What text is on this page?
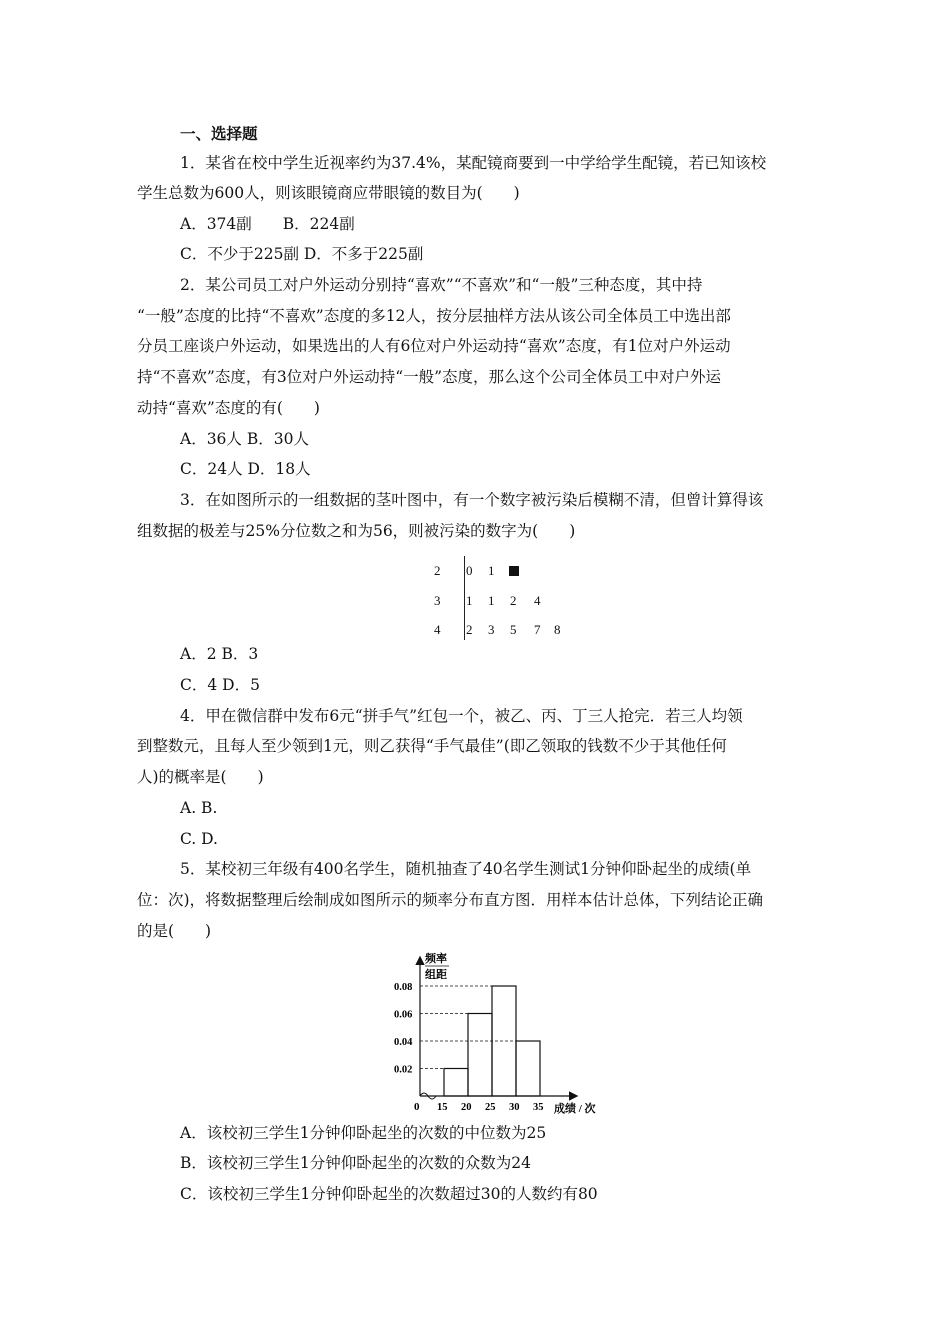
一、选择题
1．某省在校中学生近视率约为37.4%，某配镜商要到一中学给学生配镜，若已知该校
学生总数为600人，则该眼镜商应带眼镜的数目为(　　)
A．374副　　B．224副
C．不少于225副 D．不多于225副
2．某公司员工对户外运动分别持“喜欢”“不喜欢”和“一般”三种态度，其中持
“一般”态度的比持“不喜欢”态度的多12人，按分层抽样方法从该公司全体员工中选出部
分员工座谈户外运动，如果选出的人有6位对户外运动持“喜欢”态度，有1位对户外运动
持“不喜欢”态度，有3位对户外运动持“一般”态度，那么这个公司全体员工中对户外运
动持“喜欢”态度的有(　　)
A．36人 B．30人
C．24人 D．18人
3．在如图所示的一组数据的茎叶图中，有一个数字被污染后模糊不清，但曾计算得该
组数据的极差与25%分位数之和为56，则被污染的数字为(　　)
2 0 1
3 1 1 2 4
4 2 3 5 7 8
A．2 B．3
C．4 D．5
4．甲在微信群中发布6元“拼手气”红包一个，被乙、丙、丁三人抢完．若三人均领
到整数元，且每人至少领到1元，则乙获得“手气最佳”(即乙领取的钱数不少于其他任何
人)的概率是(　　)
A. B.
C. D.
5．某校初三年级有400名学生，随机抽查了40名学生测试1分钟仰卧起坐的成绩(单
位：次)，将数据整理后绘制成如图所示的频率分布直方图．用样本估计总体，下列结论正确
的是(　　)
频率
组距
0	成绩 / 次
0.02
0.04
0.06
0.08
15 20 25 30 35
A．该校初三学生1分钟仰卧起坐的次数的中位数为25
B．该校初三学生1分钟仰卧起坐的次数的众数为24
C．该校初三学生1分钟仰卧起坐的次数超过30的人数约有80
